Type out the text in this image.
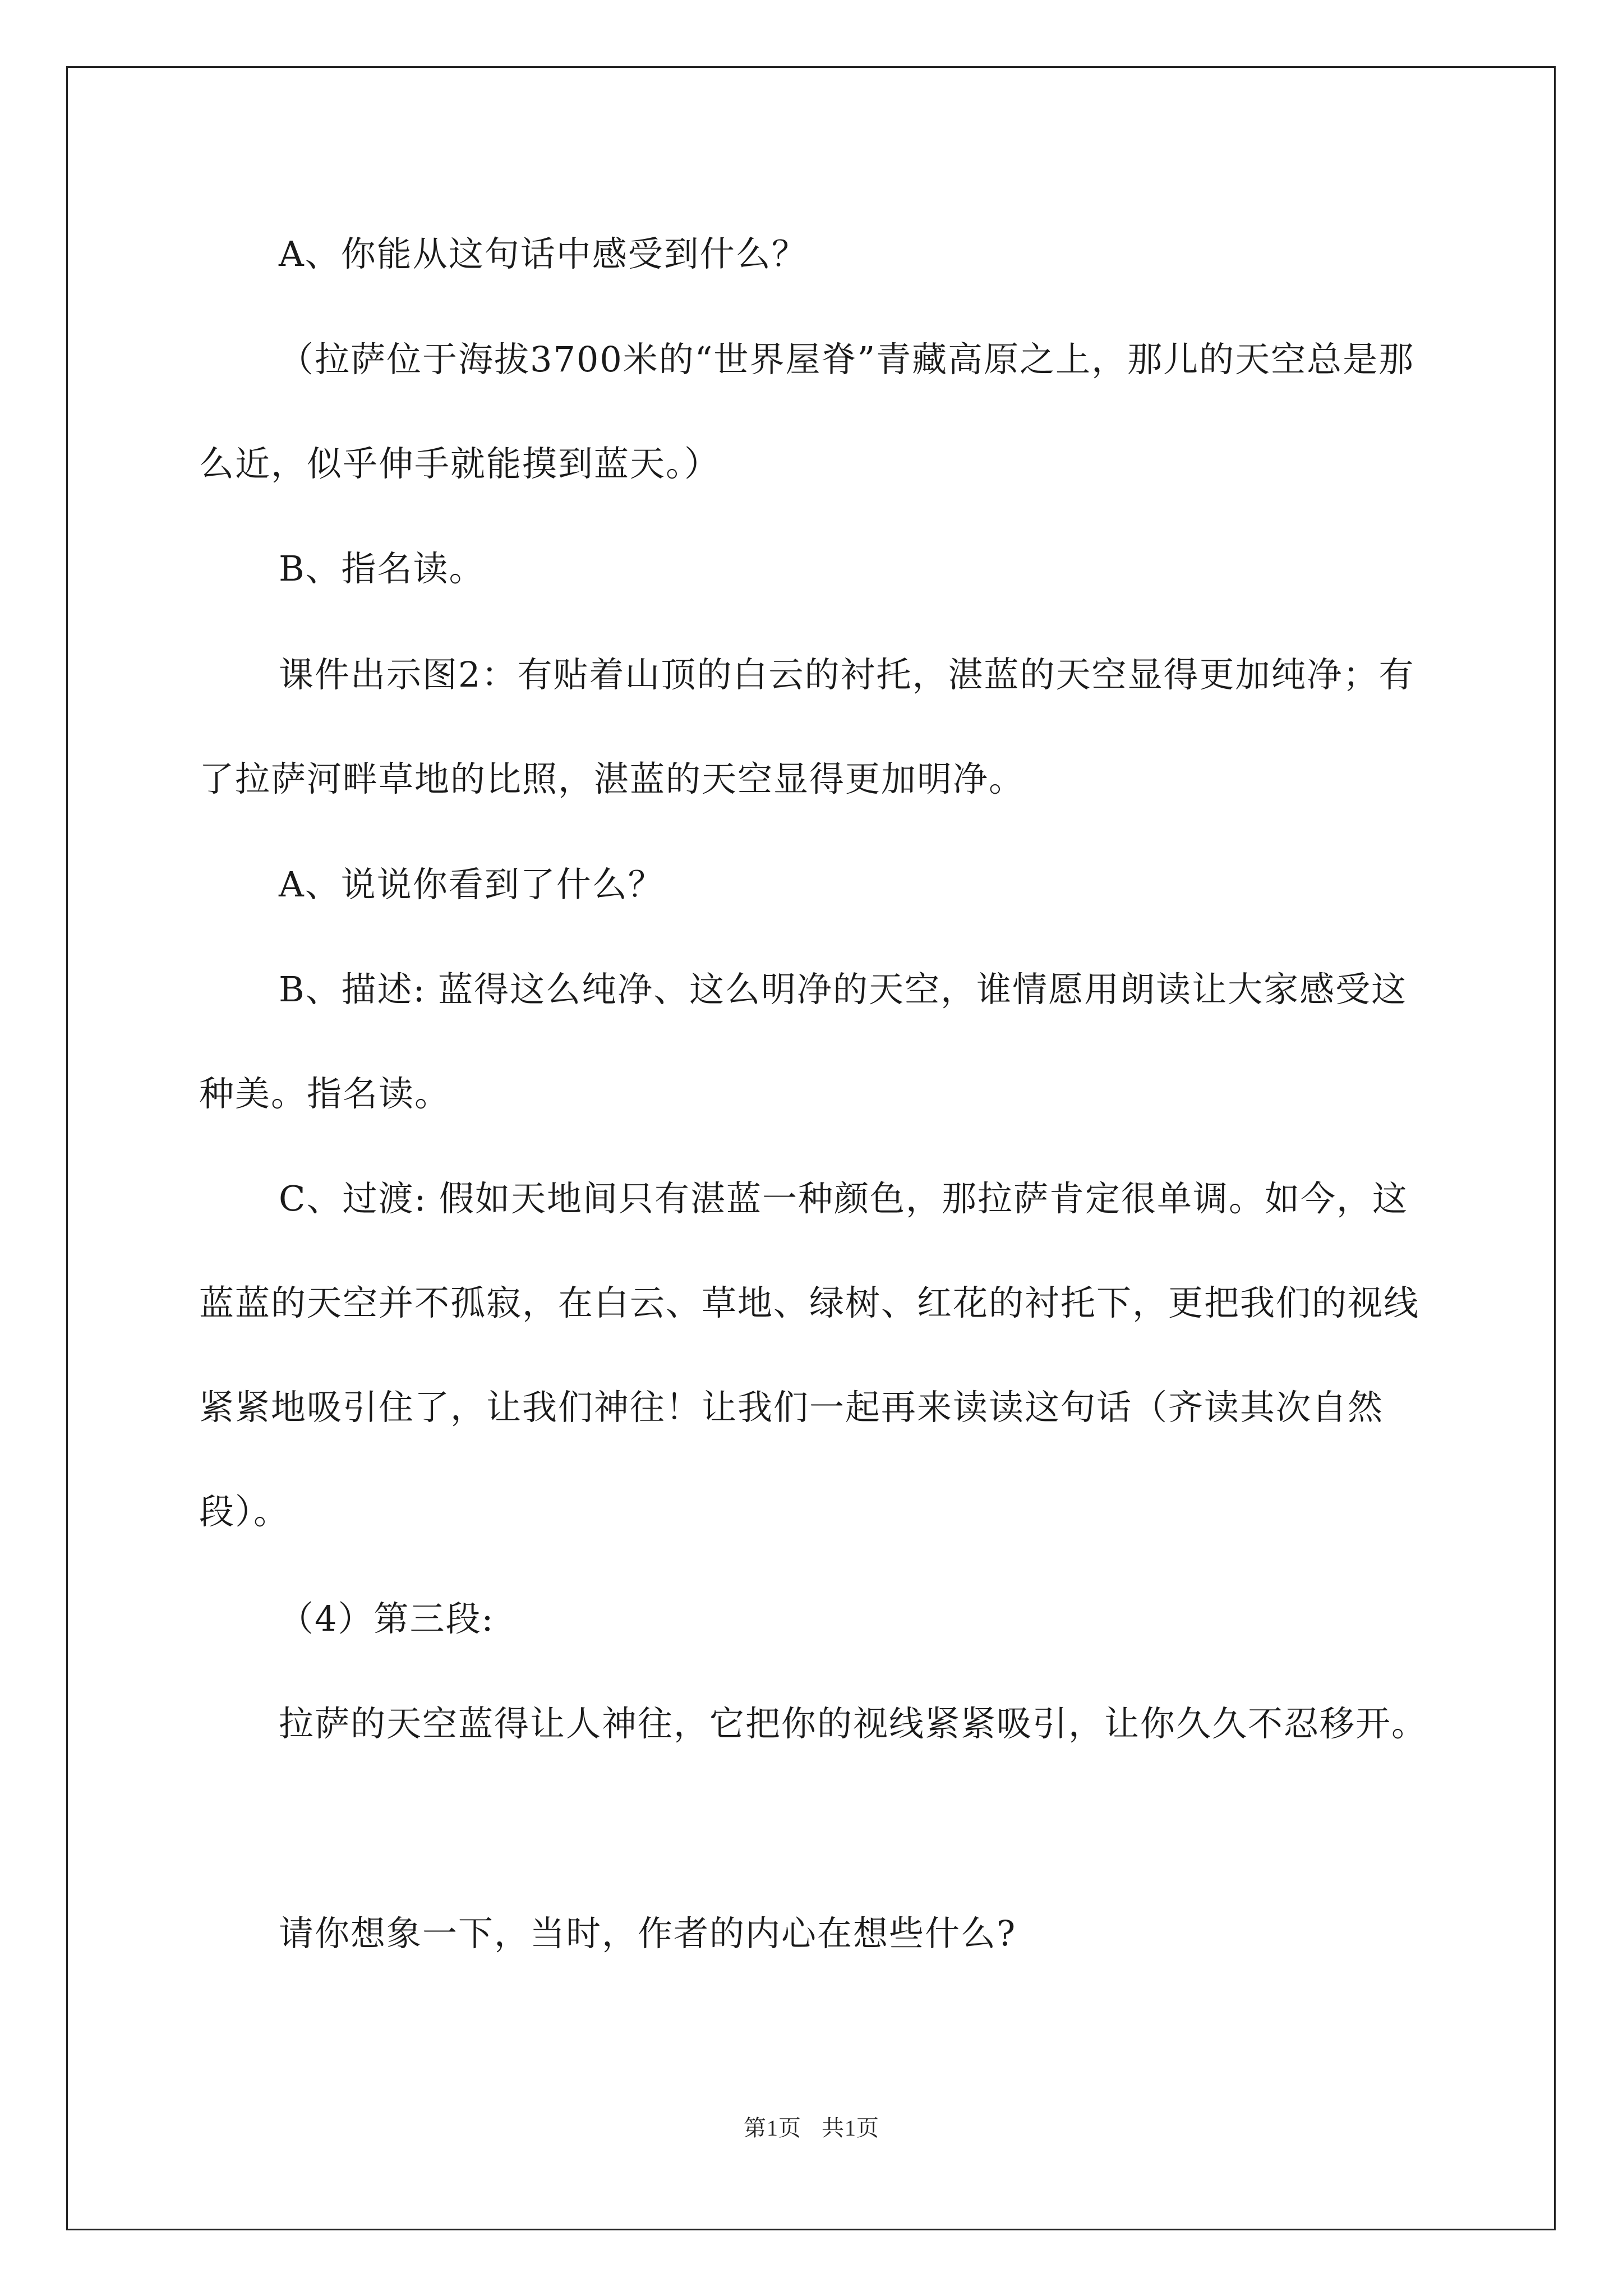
A、你能从这句话中感受到什么？

（拉萨位于海拔3700米的“世界屋脊”青藏高原之上，那儿的天空总是那么近，似乎伸手就能摸到蓝天。）

B、指名读。

课件出示图2：有贴着山顶的白云的衬托，湛蓝的天空显得更加纯净；有了拉萨河畔草地的比照，湛蓝的天空显得更加明净。

A、说说你看到了什么？

B、描述: 蓝得这么纯净、这么明净的天空，谁情愿用朗读让大家感受这种美。指名读。

C、过渡: 假如天地间只有湛蓝一种颜色，那拉萨肯定很单调。如今，这蓝蓝的天空并不孤寂，在白云、草地、绿树、红花的衬托下，更把我们的视线紧紧地吸引住了，让我们神往！让我们一起再来读读这句话（齐读其次自然段）。

（4）第三段:

拉萨的天空蓝得让人神往，它把你的视线紧紧吸引，让你久久不忍移开。

请你想象一下，当时，作者的内心在想些什么?

第1页 共1页
